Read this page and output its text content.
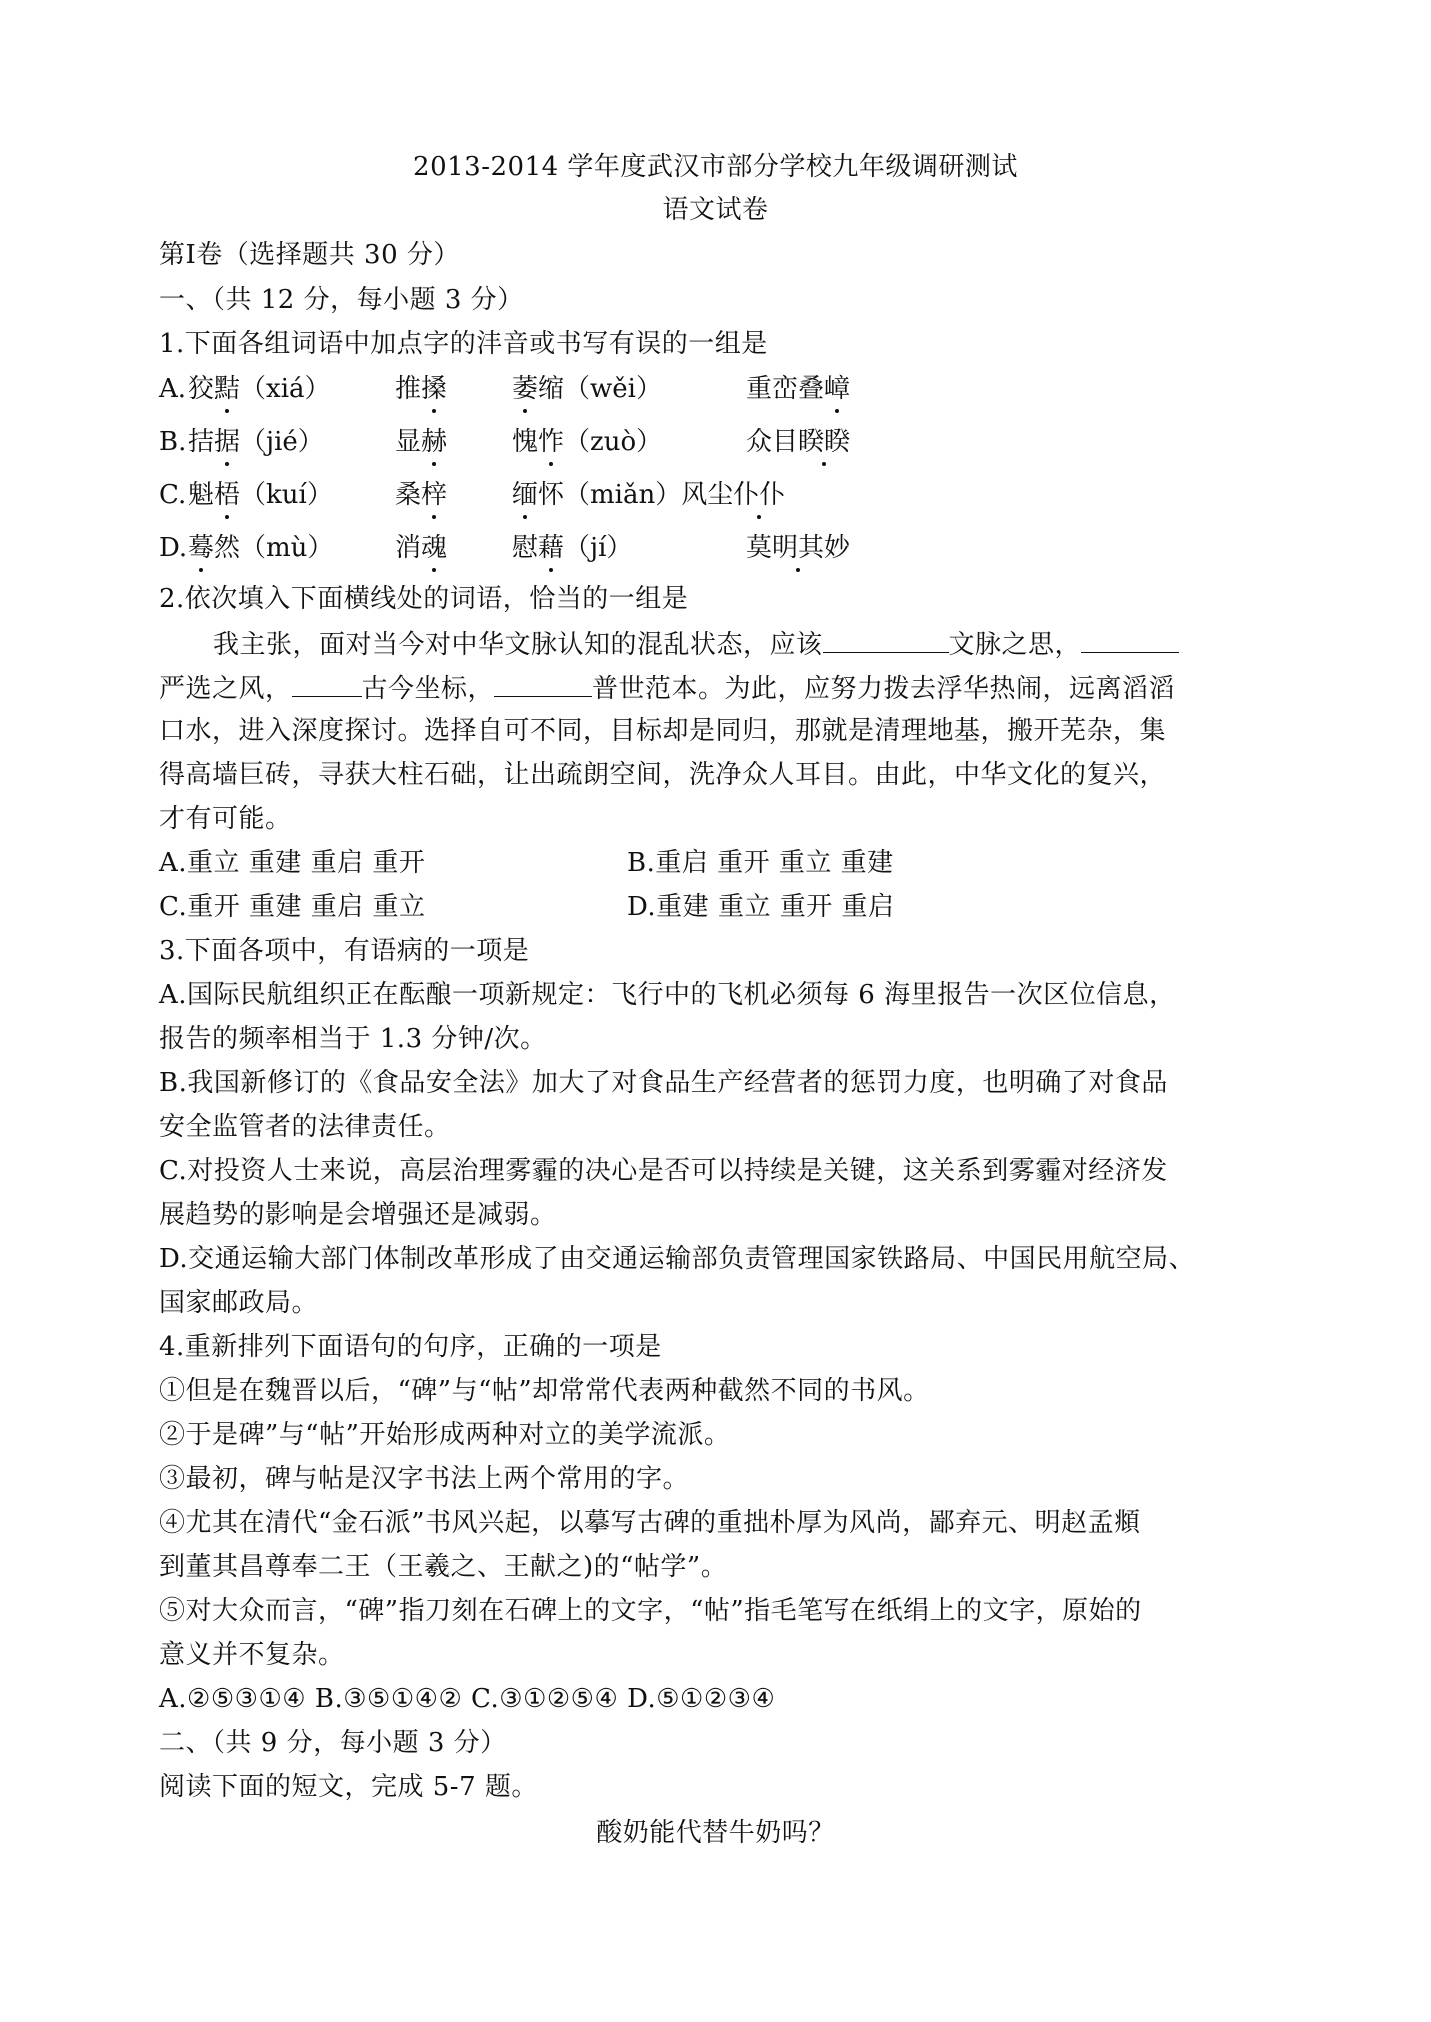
2013-2014 学年度武汉市部分学校九年级调研测试
语文试卷
第Ⅰ卷（选择题共 30 分）
一、（共 12 分，每小题 3 分）
1.下面各组词语中加点字的沣音或书写有误的一组是
A. 狡黠（xiá） 推搡 萎缩（wěi）	重峦叠嶂
B. 拮据（jié）	显赫 愧怍（zuò）	众目睽睽
C. 魁梧（kuí） 桑梓 缅怀（miǎn）风尘仆仆
D. 蓦然（mù） 消魂 慰藉（jí）	莫明其妙
2.依次填入下面横线处的词语，恰当的一组是
我主张，面对当今对中华文脉认知的混乱状态，应该	文脉之思，
严选之风，	古今坐标，	普世范本。为此，应努力拨去浮华热闹，远离滔滔
口水，进入深度探讨。选择自可不同，目标却是同归，那就是清理地基，搬开芜杂，集
得高墙巨砖，寻获大柱石础，让出疏朗空间，洗净众人耳目。由此，中华文化的复兴，
才有可能。
A.重立 重建 重启 重开	B.重启 重开 重立 重建
C.重开 重建 重启 重立	D.重建 重立 重开 重启
3.下面各项中，有语病的一项是
A.国际民航组织正在酝酿一项新规定：飞行中的飞机必须每 6 海里报告一次区位信息，
报告的频率相当于 1.3 分钟/次。
B.我国新修订的《食品安全法》加大了对食品生产经营者的惩罚力度，也明确了对食品
安全监管者的法律责任。
C.对投资人士来说，高层治理雾霾的决心是否可以持续是关键，这关系到雾霾对经济发
展趋势的影响是会增强还是减弱。
D.交通运输大部门体制改革形成了由交通运输部负责管理国家铁路局、中国民用航空局、
国家邮政局。
4.重新排列下面语句的句序，正确的一项是
①但是在魏晋以后，“碑”与“帖”却常常代表两种截然不同的书风。
②于是碑”与“帖”开始形成两种对立的美学流派。
③最初，碑与帖是汉字书法上两个常用的字。
④尤其在清代“金石派”书风兴起，以摹写古碑的重拙朴厚为风尚，鄙弃元、明赵孟頫
到董其昌尊奉二王（王羲之、王献之)的“帖学”。
⑤对大众而言，“碑”指刀刻在石碑上的文字，“帖”指毛笔写在纸绢上的文字，原始的
意义并不复杂。
A.②⑤③①④ B.③⑤①④② C.③①②⑤④ D.⑤①②③④
二、（共 9 分，每小题 3 分）
阅读下面的短文，完成 5-7 题。
酸奶能代替牛奶吗？
